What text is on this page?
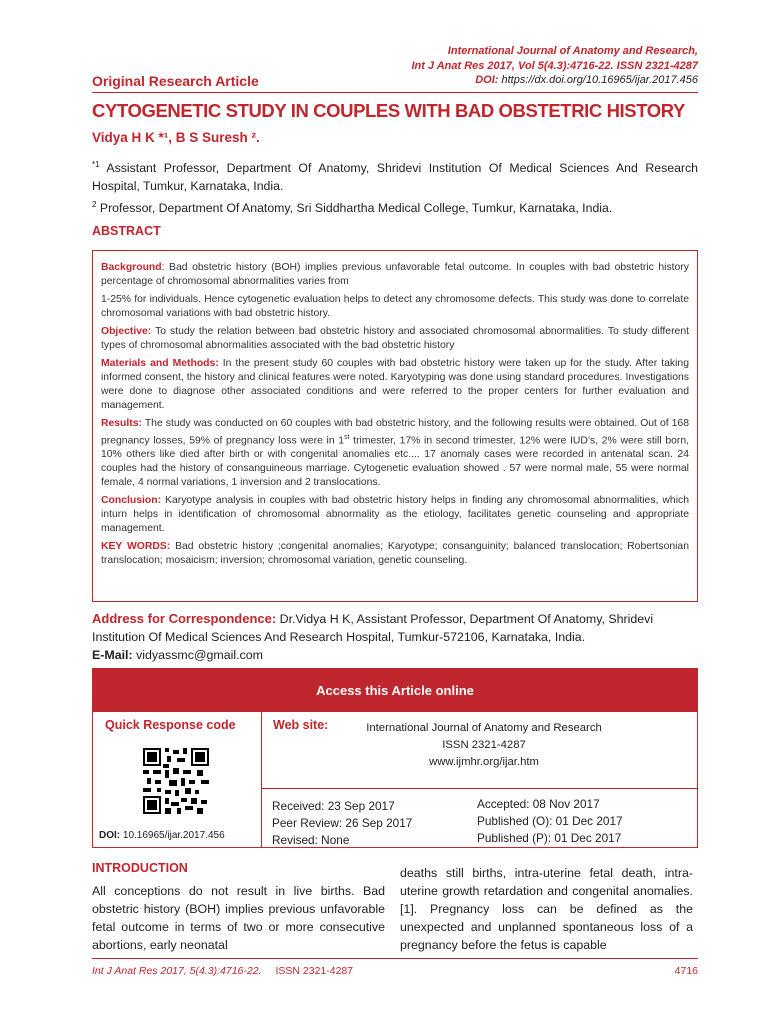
International Journal of Anatomy and Research,
Int J Anat Res 2017, Vol 5(4.3):4716-22. ISSN 2321-4287
DOI: https://dx.doi.org/10.16965/ijar.2017.456
Original Research Article
CYTOGENETIC STUDY IN COUPLES WITH BAD OBSTETRIC HISTORY
Vidya H K *¹, B S Suresh ².
$^{*1}$ Assistant Professor, Department Of Anatomy, Shridevi Institution Of Medical Sciences And Research Hospital, Tumkur, Karnataka, India.
$^2$ Professor, Department Of Anatomy, Sri Siddhartha Medical College, Tumkur, Karnataka, India.
ABSTRACT

Background: Bad obstetric history (BOH) implies previous unfavorable fetal outcome. In couples with bad obstetric history percentage of chromosomal abnormalities varies from

1-25% for individuals. Hence cytogenetic evaluation helps to detect any chromosome defects. This study was done to correlate chromosomal variations with bad obstetric history.

Objective: To study the relation between bad obstetric history and associated chromosomal abnormalities. To study different types of chromosomal abnormalities associated with the bad obstetric history

Materials and Methods: In the present study 60 couples with bad obstetric history were taken up for the study. After taking informed consent, the history and clinical features were noted. Karyotyping was done using standard procedures. Investigations were done to diagnose other associated conditions and were referred to the proper centers for further evaluation and management.

Results: The study was conducted on 60 couples with bad obstetric history, and the following results were obtained. Out of 168 pregnancy losses, 59% of pregnancy loss were in 1st trimester, 17% in second trimester, 12% were IUD’s, 2% were still born, 10% others like died after birth or with congenital anomalies etc.... 17 anomaly cases were recorded in antenatal scan. 24 couples had the history of consanguineous marriage. Cytogenetic evaluation showed . 57 were normal male, 55 were normal female, 4 normal variations, 1 inversion and 2 translocations.

Conclusion: Karyotype analysis in couples with bad obstetric history helps in finding any chromosomal abnormalities, which inturn helps in identification of chromosomal abnormality as the etiology, facilitates genetic counseling and appropriate management.

KEY WORDS: Bad obstetric history ;congenital anomalies; Karyotype; consanguinity; balanced translocation; Robertsonian translocation; mosaicism; inversion; chromosomal variation, genetic counseling.

Address for Correspondence: Dr.Vidya H K, Assistant Professor, Department Of Anatomy, Shridevi Institution Of Medical Sciences And Research Hospital, Tumkur-572106, Karnataka, India.
E-Mail: vidyassmc@gmail.com
Access this Article online
Quick Response code
DOI: 10.16965/ijar.2017.456
Web site:	International Journal of Anatomy and Research
ISSN 2321-4287
www.ijmhr.org/ijar.htm
Received: 23 Sep 2017
Peer Review: 26 Sep 2017
Revised: None
Accepted: 08 Nov 2017
Published (O): 01 Dec 2017
Published (P): 01 Dec 2017
INTRODUCTION
All conceptions do not result in live births. Bad obstetric history (BOH) implies previous unfavorable fetal outcome in terms of two or more consecutive abortions, early neonatal
deaths still births, intra-uterine fetal death, intra-uterine growth retardation and congenital anomalies. [1]. Pregnancy loss can be defined as the unexpected and unplanned spontaneous loss of a pregnancy before the fetus is capable
Int J Anat Res 2017, 5(4.3):4716-22. ISSN 2321-4287	4716
